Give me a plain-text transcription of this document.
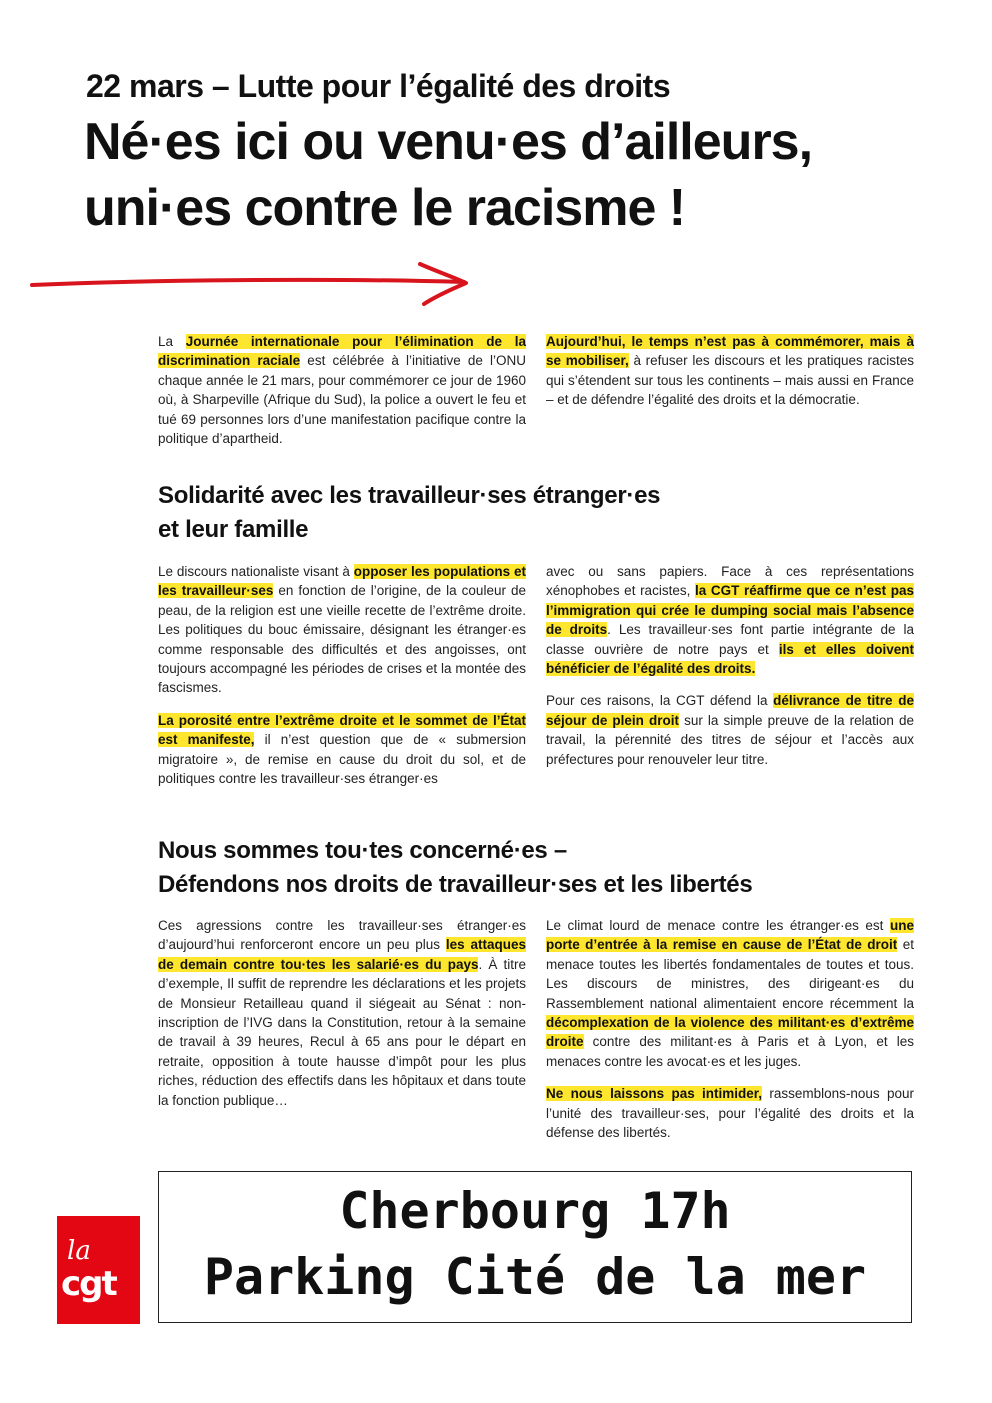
22 mars – Lutte pour l’égalité des droits
Né·es ici ou venu·es d’ailleurs,
uni·es contre le racisme !

La Journée internationale pour l’élimination de la discrimination raciale est célébrée à l’initiative de l’ONU chaque année le 21 mars, pour commémorer ce jour de 1960 où, à Sharpeville (Afrique du Sud), la police a ouvert le feu et tué 69 personnes lors d’une manifestation pacifique contre la politique d’apartheid.

Aujourd’hui, le temps n’est pas à commémorer, mais à se mobiliser, à refuser les discours et les pratiques racistes qui s’étendent sur tous les continents – mais aussi en France – et de défendre l’égalité des droits et la démocratie.

Solidarité avec les travailleur·ses étranger·es
et leur famille

Le discours nationaliste visant à opposer les populations et les travailleur·ses en fonction de l’origine, de la couleur de peau, de la religion est une vieille recette de l’extrême droite. Les politiques du bouc émissaire, désignant les étranger·es comme responsable des difficultés et des angoisses, ont toujours accompagné les périodes de crises et la montée des fascismes.

La porosité entre l’extrême droite et le sommet de l’État est manifeste, il n’est question que de « submersion migratoire », de remise en cause du droit du sol, et de politiques contre les travailleur·ses étranger·es

avec ou sans papiers. Face à ces représentations xénophobes et racistes, la CGT réaffirme que ce n’est pas l’immigration qui crée le dumping social mais l’absence de droits. Les travailleur·ses font partie intégrante de la classe ouvrière de notre pays et ils et elles doivent bénéficier de l’égalité des droits.

Pour ces raisons, la CGT défend la délivrance de titre de séjour de plein droit sur la simple preuve de la relation de travail, la pérennité des titres de séjour et l’accès aux préfectures pour renouveler leur titre.

Nous sommes tou·tes concerné·es –
Défendons nos droits de travailleur·ses et les libertés

Ces agressions contre les travailleur·ses étranger·es d’aujourd’hui renforceront encore un peu plus les attaques de demain contre tou·tes les salarié·es du pays. À titre d’exemple, Il suffit de reprendre les déclarations et les projets de Monsieur Retailleau quand il siégeait au Sénat : non-inscription de l’IVG dans la Constitution, retour à la semaine de travail à 39 heures, Recul à 65 ans pour le départ en retraite, opposition à toute hausse d’impôt pour les plus riches, réduction des effectifs dans les hôpitaux et dans toute la fonction publique…

Le climat lourd de menace contre les étranger·es est une porte d’entrée à la remise en cause de l’État de droit et menace toutes les libertés fondamentales de toutes et tous. Les discours de ministres, des dirigeant·es du Rassemblement national alimentaient encore récemment la décomplexation de la violence des militant·es d’extrême droite contre des militant·es à Paris et à Lyon, et les menaces contre les avocat·es et les juges.

Ne nous laissons pas intimider, rassemblons-nous pour l’unité des travailleur·ses, pour l’égalité des droits et la défense des libertés.

la
cgt
Cherbourg 17h
Parking Cité de la mer
